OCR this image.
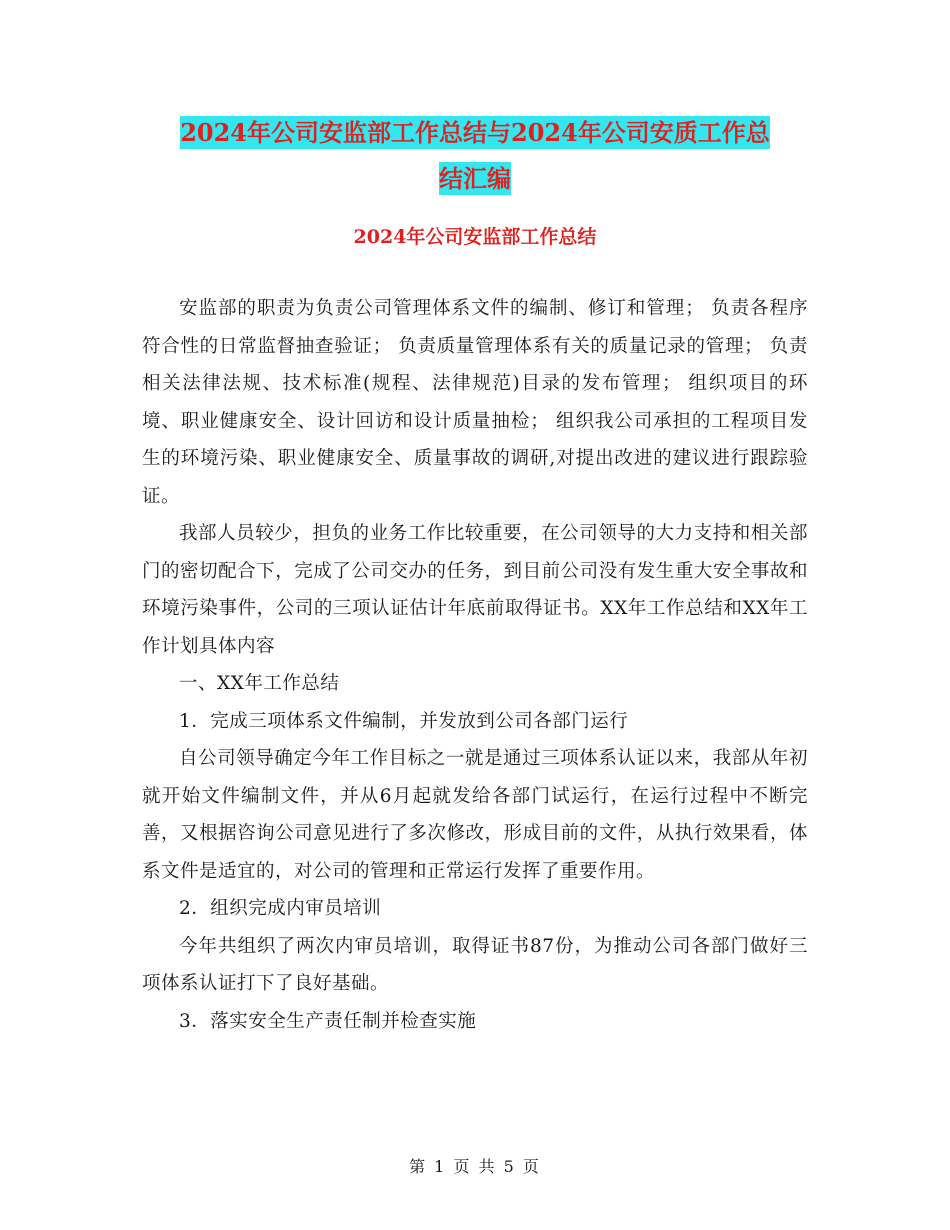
2024年公司安监部工作总结与2024年公司安质工作总
结汇编
2024年公司安监部工作总结

安监部的职责为负责公司管理体系文件的编制、修订和管理； 负责各程序符合性的日常监督抽查验证； 负责质量管理体系有关的质量记录的管理； 负责相关法律法规、技术标准(规程、法律规范)目录的发布管理； 组织项目的环境、职业健康安全、设计回访和设计质量抽检； 组织我公司承担的工程项目发生的环境污染、职业健康安全、质量事故的调研,对提出改进的建议进行跟踪验证。

我部人员较少，担负的业务工作比较重要，在公司领导的大力支持和相关部门的密切配合下，完成了公司交办的任务，到目前公司没有发生重大安全事故和环境污染事件，公司的三项认证估计年底前取得证书。XX年工作总结和XX年工作计划具体内容

一、XX年工作总结

1．完成三项体系文件编制，并发放到公司各部门运行

自公司领导确定今年工作目标之一就是通过三项体系认证以来，我部从年初就开始文件编制文件，并从6月起就发给各部门试运行，在运行过程中不断完善，又根据咨询公司意见进行了多次修改，形成目前的文件，从执行效果看，体系文件是适宜的，对公司的管理和正常运行发挥了重要作用。

2．组织完成内审员培训

今年共组织了两次内审员培训，取得证书87份，为推动公司各部门做好三项体系认证打下了良好基础。

3．落实安全生产责任制并检查实施

第 1 页 共 5 页
